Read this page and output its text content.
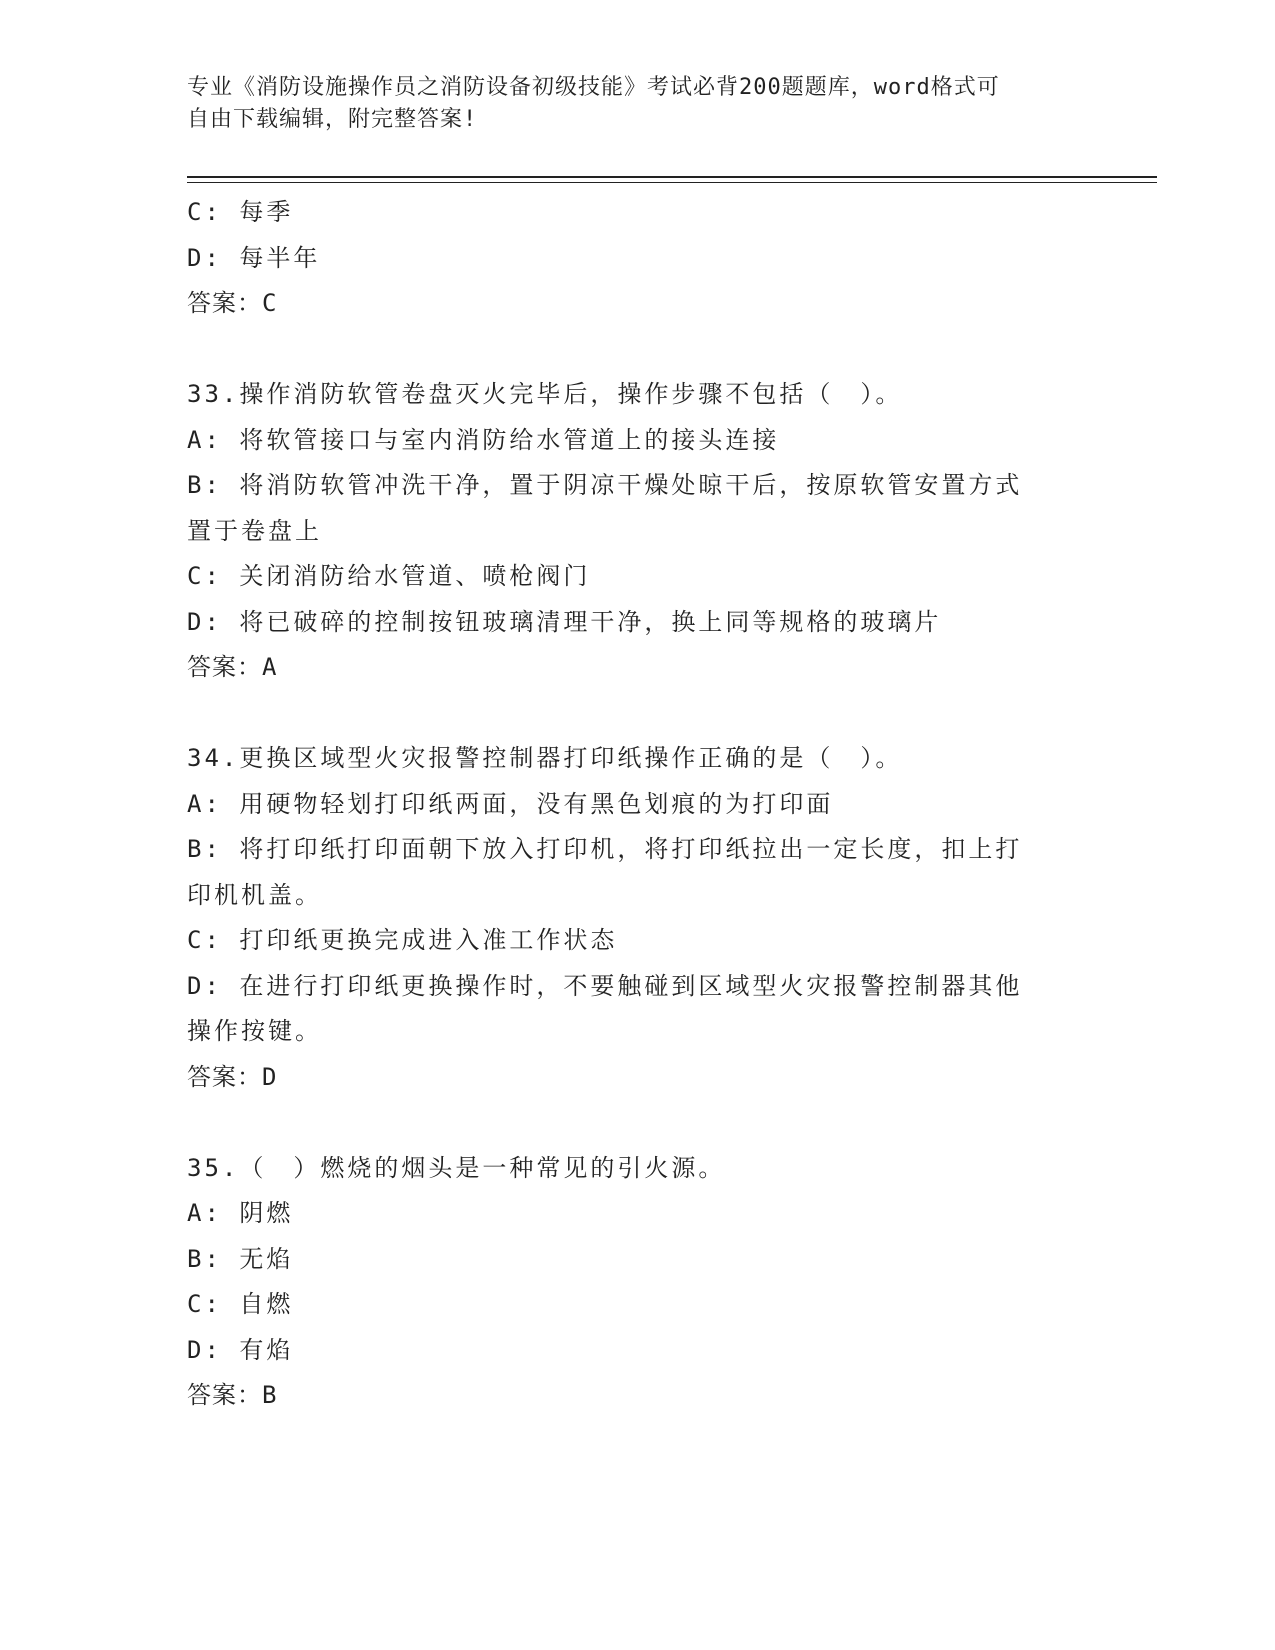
专业《消防设施操作员之消防设备初级技能》考试必背200题题库，word格式可
自由下载编辑，附完整答案!
C: 每季
D: 每半年
答案：C
33.操作消防软管卷盘灭火完毕后，操作步骤不包括（　）。
A: 将软管接口与室内消防给水管道上的接头连接
B: 将消防软管冲洗干净，置于阴凉干燥处晾干后，按原软管安置方式
置于卷盘上
C: 关闭消防给水管道、喷枪阀门
D: 将已破碎的控制按钮玻璃清理干净，换上同等规格的玻璃片
答案：A
34.更换区域型火灾报警控制器打印纸操作正确的是（　）。
A: 用硬物轻划打印纸两面，没有黑色划痕的为打印面
B: 将打印纸打印面朝下放入打印机，将打印纸拉出一定长度，扣上打
印机机盖。
C: 打印纸更换完成进入准工作状态
D: 在进行打印纸更换操作时，不要触碰到区域型火灾报警控制器其他
操作按键。
答案：D
35.（　）燃烧的烟头是一种常见的引火源。
A: 阴燃
B: 无焰
C: 自燃
D: 有焰
答案：B
